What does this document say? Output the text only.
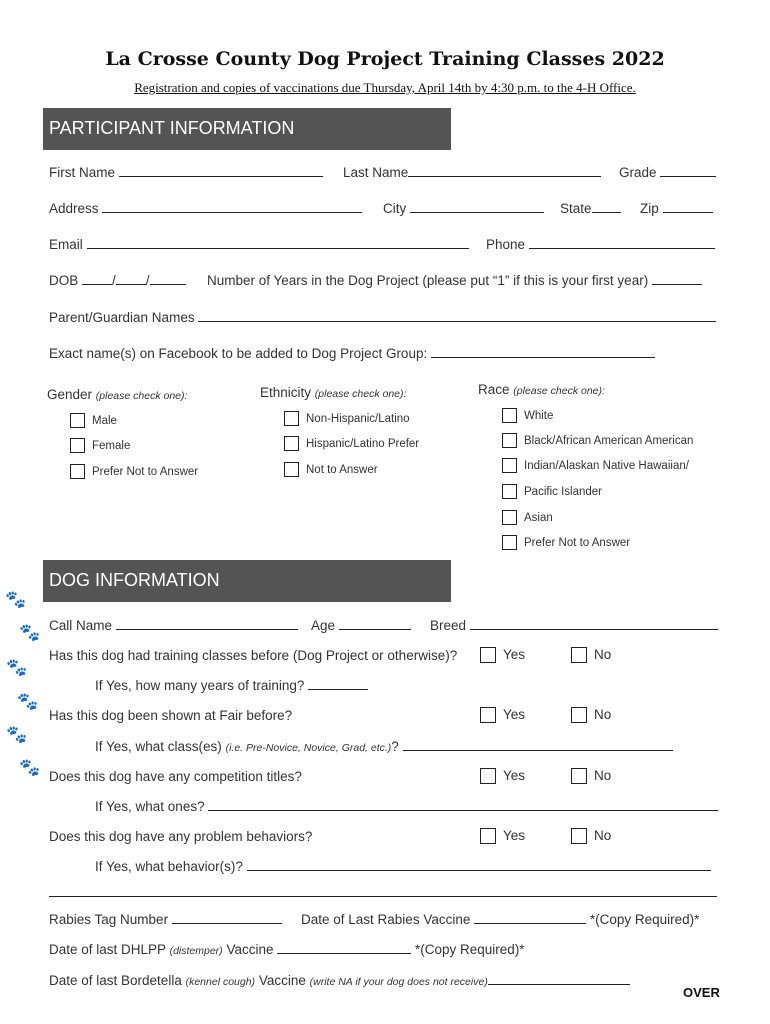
La Crosse County Dog Project Training Classes 2022
Registration and copies of vaccinations due Thursday, April 14th by 4:30 p.m. to the 4-H Office.
PARTICIPANT INFORMATION
First Name	Last Name	Grade
Address	City	State	Zip
Email	Phone
DOB	/ /	Number of Years in the Dog Project (please put “1” if this is your first year)
Parent/Guardian Names
Exact name(s) on Facebook to be added to Dog Project Group:
Gender (please check one):
Male
Female
Prefer Not to Answer
Ethnicity (please check one):
Non-Hispanic/Latino
Hispanic/Latino Prefer
Not to Answer
Race (please check one):
White
Black/African American American
Indian/Alaskan Native Hawaiian/
Pacific Islander
Asian
Prefer Not to Answer
🐾
🐾
🐾
🐾
🐾
🐾
DOG INFORMATION
Call Name	Age	Breed
Has this dog had training classes before (Dog Project or otherwise)?	Yes	No
If Yes, how many years of training?
Has this dog been shown at Fair before?	Yes	No
If Yes, what class(es) (i.e. Pre-Novice, Novice, Grad, etc.)?
Does this dog have any competition titles?	Yes	No
If Yes, what ones?
Does this dog have any problem behaviors?	Yes	No
If Yes, what behavior(s)?
Rabies Tag Number	Date of Last Rabies Vaccine	*(Copy Required)*
Date of last DHLPP (distemper) Vaccine	*(Copy Required)*
Date of last Bordetella (kennel cough) Vaccine (write NA if your dog does not receive)
OVER
